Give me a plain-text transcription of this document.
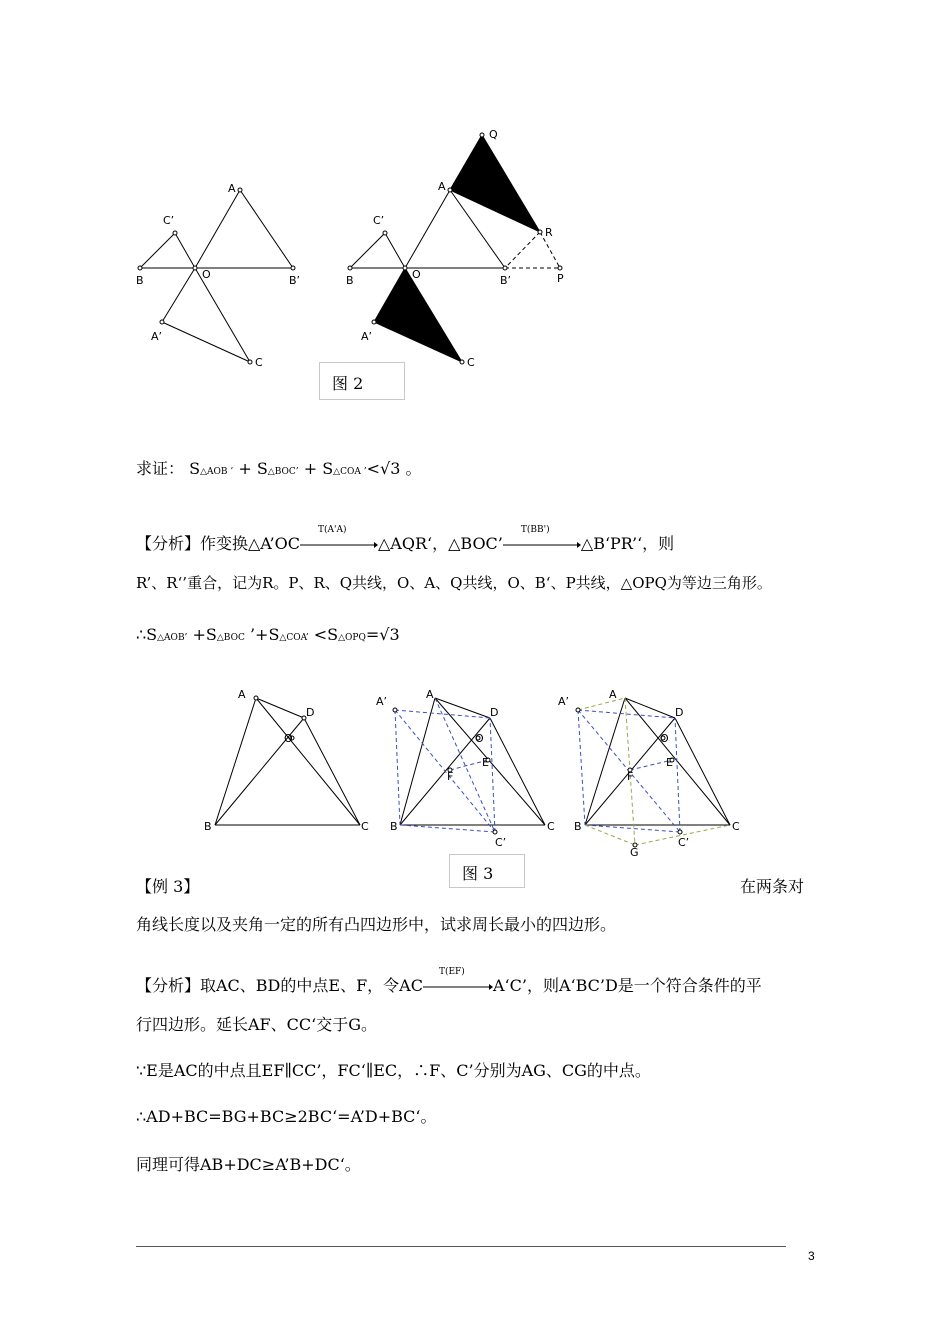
A
B
C
C’
A’
O	B’
A
B
C
C’
A’
O	B’
Q
R
P
图 2
求证： S△AOB ’ + S△BOC’ + S△COA ’<√3 。
【分析】作变换△A’OC
T(A'A)
△AQR‘，△BOC’
T(BB')
△B‘PR’‘，则
R’、R‘’重合，记为R。P、R、Q共线，O、A、Q共线，O、B‘、P共线，△OPQ为等边三角形。
∴S△AOB’ +S△BOC ’+S△COA’ <S△OPQ=√3
A
D
O
B	C
A’
A
D
O
E
F
B	C
C’
A’
A
D
O
E
F
B	C
C’
G
图 3
【例 3】	在两条对
角线长度以及夹角一定的所有凸四边形中，试求周长最小的四边形。
【分析】取AC、BD的中点E、F，令AC
T(EF)
A‘C’，则A‘BC’D是一个符合条件的平
行四边形。延长AF、CC‘交于G。
∵E是AC的中点且EF∥CC’，FC‘∥EC，∴F、C’分别为AG、CG的中点。
∴AD+BC=BG+BC≥2BC‘=A’D+BC‘。
同理可得AB+DC≥A’B+DC‘。
3
